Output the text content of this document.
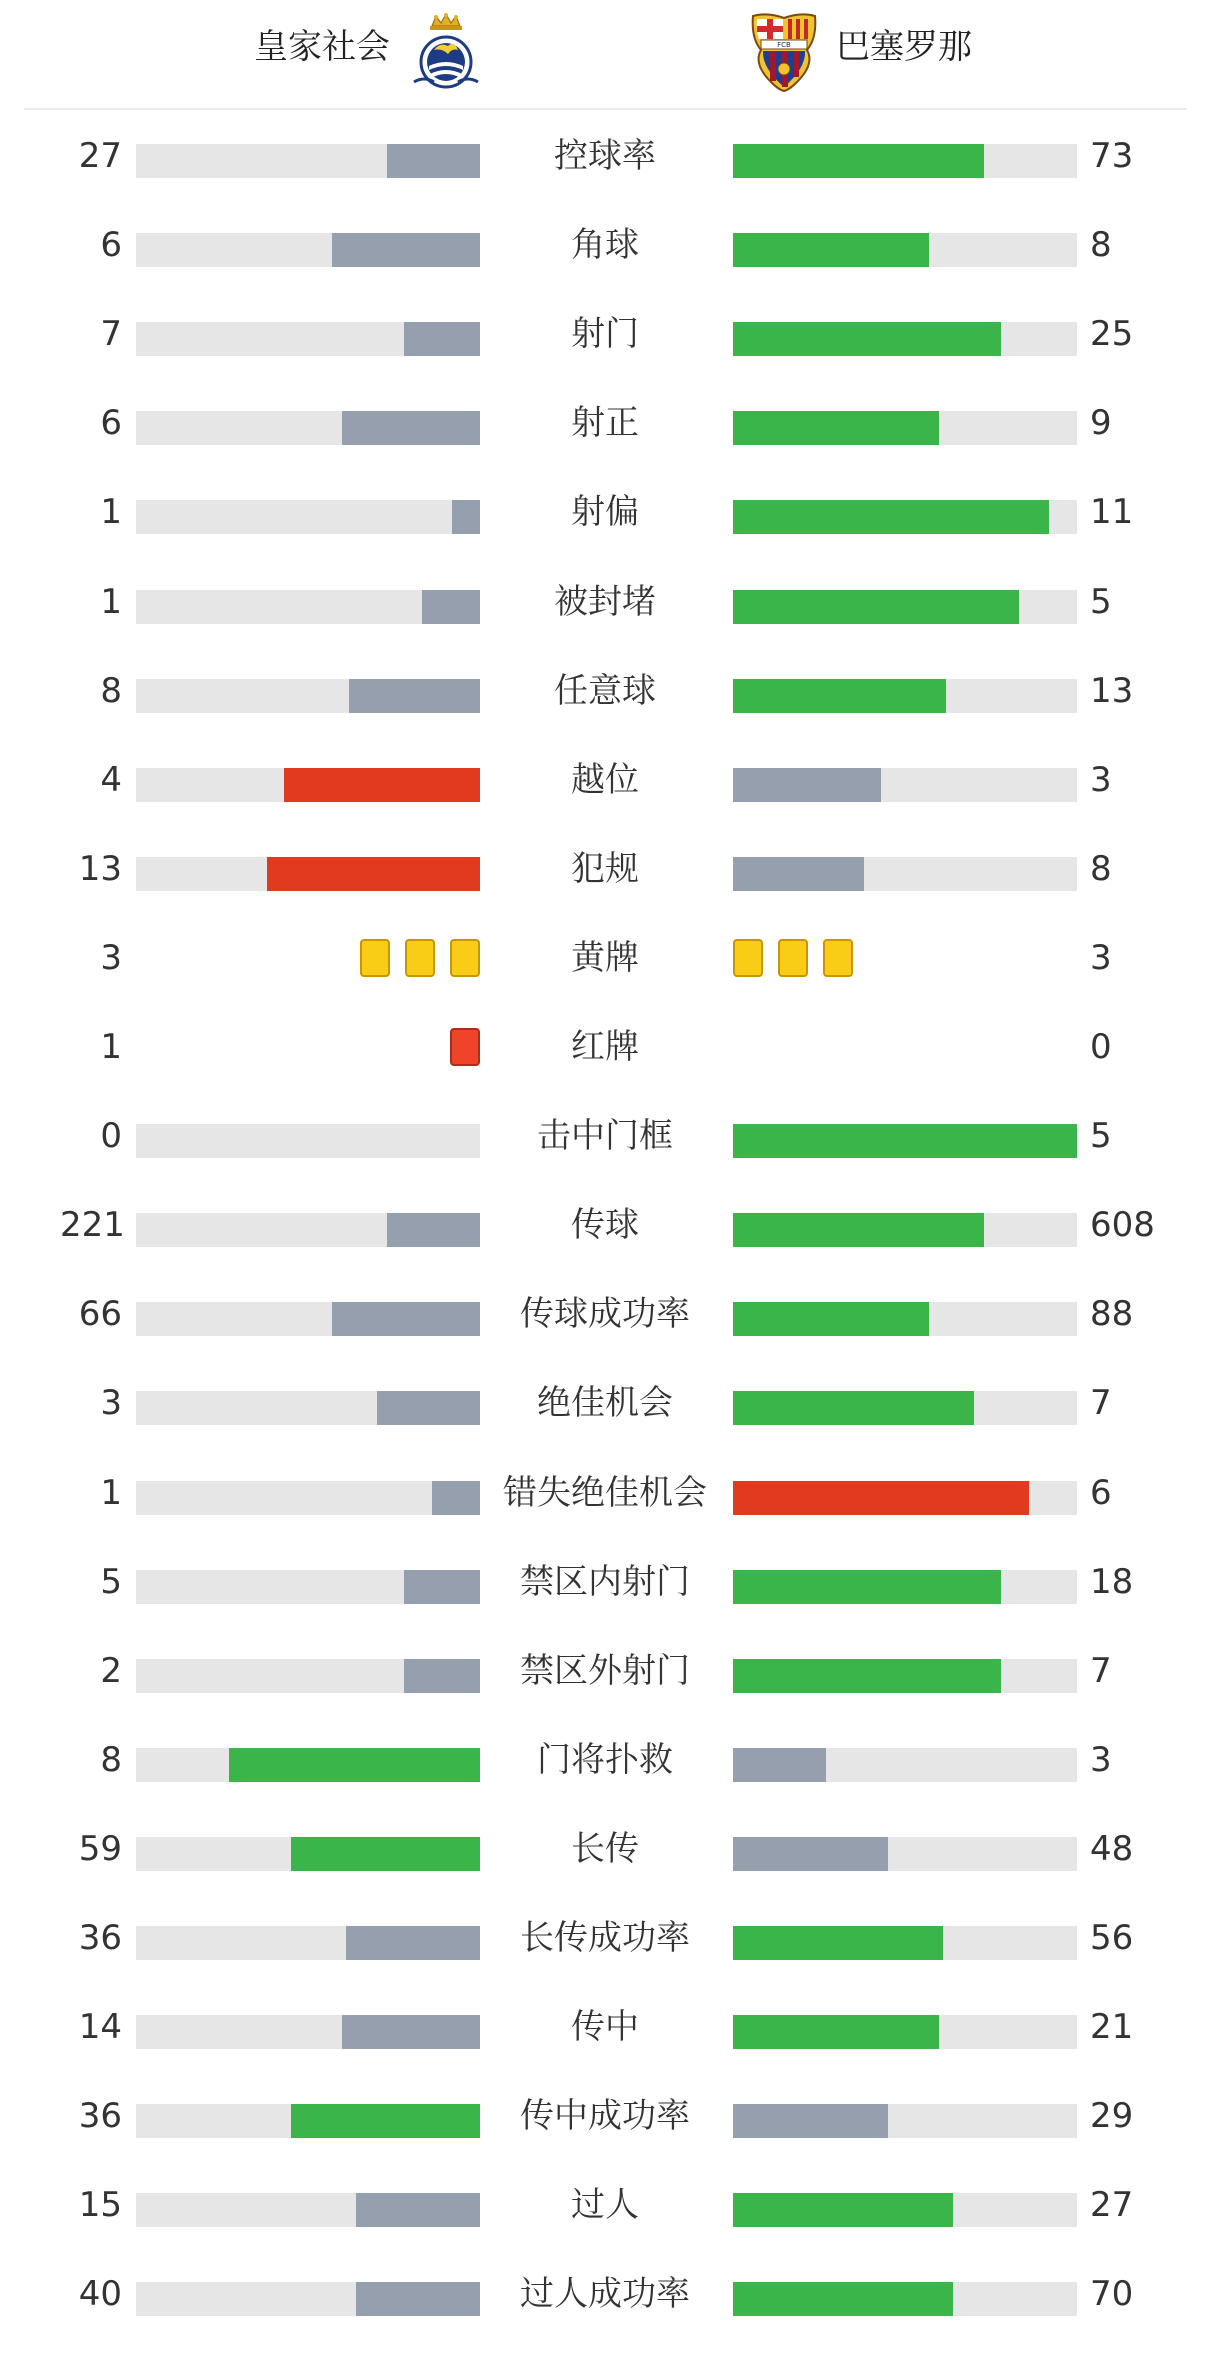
皇家社会	FCB 巴塞罗那
27	控球率	73
6	角球	8
7	射门	25
6	射正	9
1	射偏	11
1	被封堵	5
8	任意球	13
4	越位	3
13	犯规	8
3	黄牌	3
1	红牌	0
0	击中门框	5
221	传球	608
66	传球成功率	88
3	绝佳机会	7
1	错失绝佳机会	6
5	禁区内射门	18
2	禁区外射门	7
8	门将扑救	3
59	长传	48
36	长传成功率	56
14	传中	21
36	传中成功率	29
15	过人	27
40	过人成功率	70
